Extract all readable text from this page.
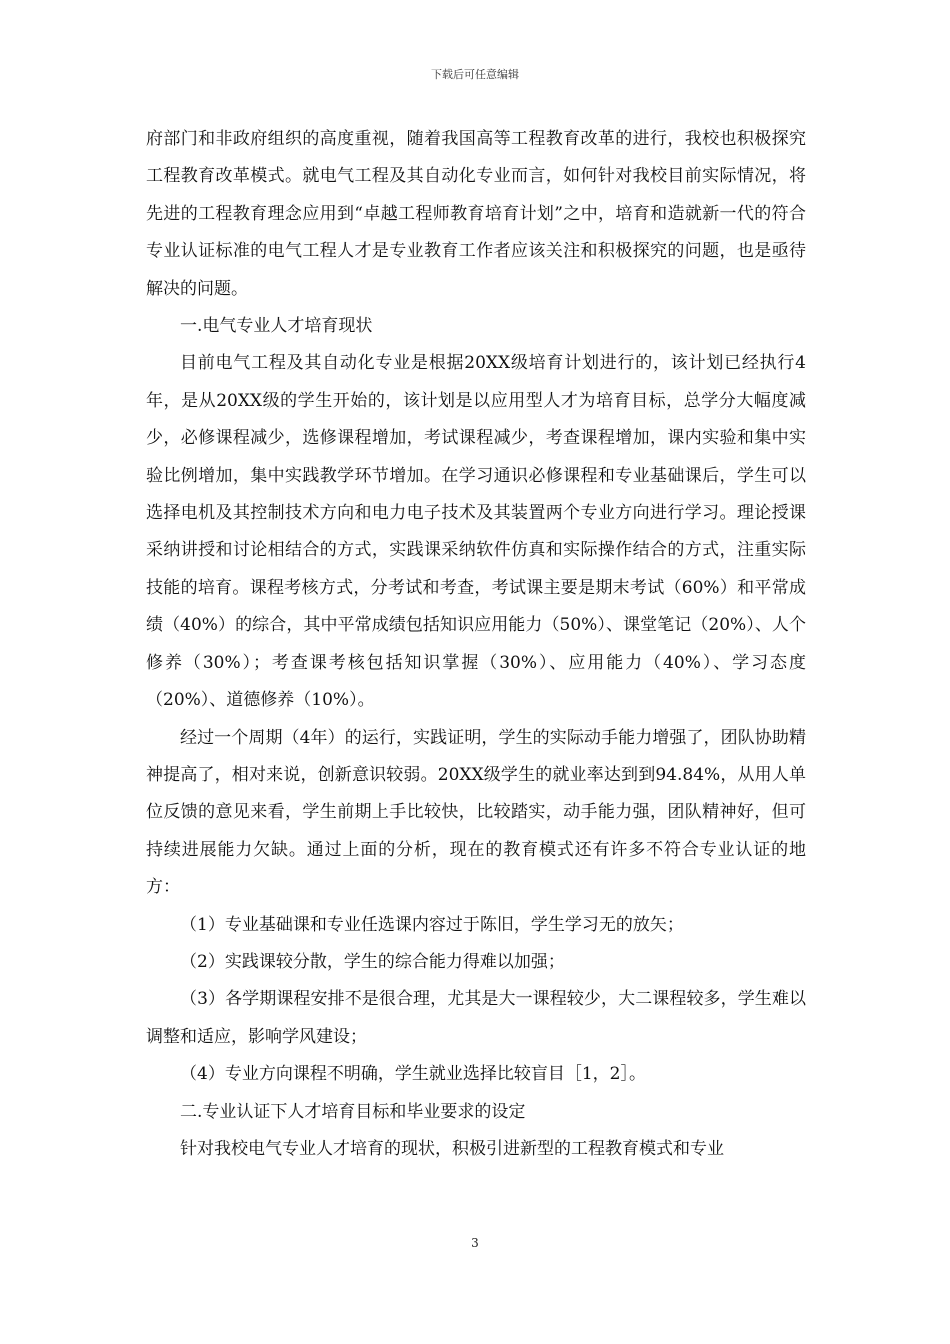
下载后可任意编辑

府部门和非政府组织的高度重视，随着我国高等工程教育改革的进行，我校也积极探究工程教育改革模式。就电气工程及其自动化专业而言，如何针对我校目前实际情况，将先进的工程教育理念应用到“卓越工程师教育培育计划”之中，培育和造就新一代的符合专业认证标准的电气工程人才是专业教育工作者应该关注和积极探究的问题，也是亟待解决的问题。

一.电气专业人才培育现状

目前电气工程及其自动化专业是根据20XX级培育计划进行的，该计划已经执行4年，是从20XX级的学生开始的，该计划是以应用型人才为培育目标，总学分大幅度减少，必修课程减少，选修课程增加，考试课程减少，考查课程增加，课内实验和集中实验比例增加，集中实践教学环节增加。在学习通识必修课程和专业基础课后，学生可以选择电机及其控制技术方向和电力电子技术及其装置两个专业方向进行学习。理论授课采纳讲授和讨论相结合的方式，实践课采纳软件仿真和实际操作结合的方式，注重实际技能的培育。课程考核方式，分考试和考查，考试课主要是期末考试（60%）和平常成绩（40%）的综合，其中平常成绩包括知识应用能力（50%）、课堂笔记（20%）、人个修养（30%）；考查课考核包括知识掌握（30%）、应用能力（40%）、学习态度（20%）、道德修养（10%）。

经过一个周期（4年）的运行，实践证明，学生的实际动手能力增强了，团队协助精神提高了，相对来说，创新意识较弱。20XX级学生的就业率达到到94.84%，从用人单位反馈的意见来看，学生前期上手比较快，比较踏实，动手能力强，团队精神好，但可持续进展能力欠缺。通过上面的分析，现在的教育模式还有许多不符合专业认证的地方：

（1）专业基础课和专业任选课内容过于陈旧，学生学习无的放矢；

（2）实践课较分散，学生的综合能力得难以加强；

（3）各学期课程安排不是很合理，尤其是大一课程较少，大二课程较多，学生难以调整和适应，影响学风建设；

（4）专业方向课程不明确，学生就业选择比较盲目［1，2］。

二.专业认证下人才培育目标和毕业要求的设定

针对我校电气专业人才培育的现状，积极引进新型的工程教育模式和专业

3
